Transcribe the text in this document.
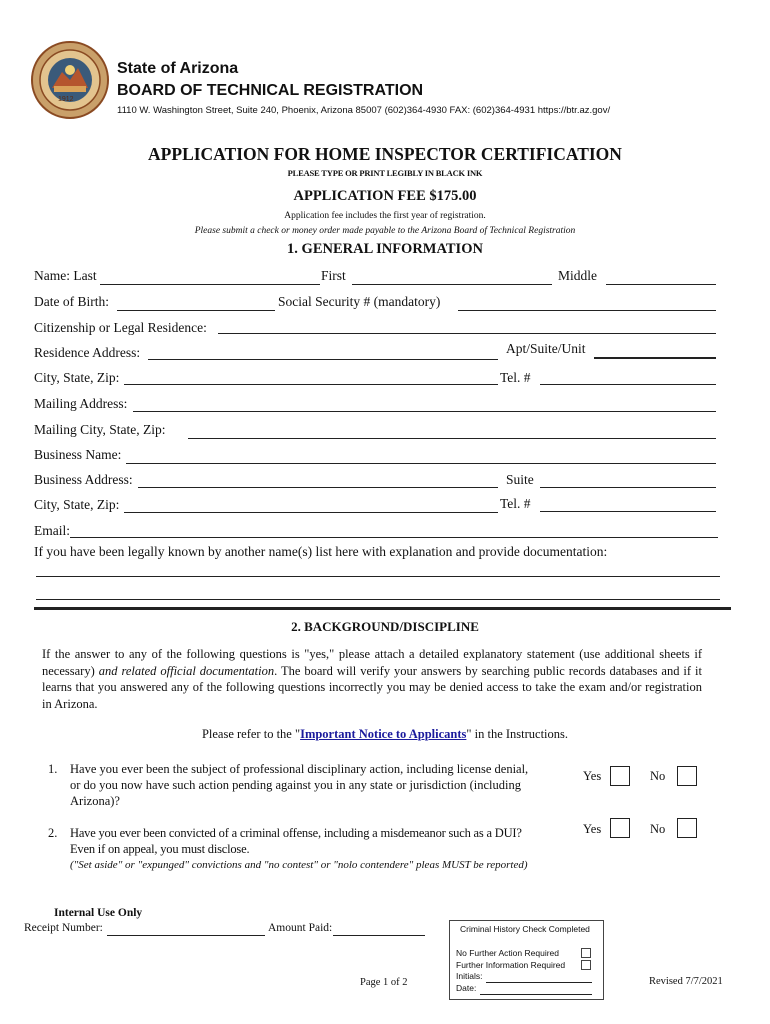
1912
State of Arizona
BOARD OF TECHNICAL REGISTRATION
1110 W. Washington Street, Suite 240, Phoenix, Arizona 85007 (602)364-4930 FAX: (602)364-4931 https://btr.az.gov/
APPLICATION FOR HOME INSPECTOR CERTIFICATION
PLEASE TYPE OR PRINT LEGIBLY IN BLACK INK
APPLICATION FEE $175.00
Application fee includes the first year of registration.
Please submit a check or money order made payable to the Arizona Board of Technical Registration
1. GENERAL INFORMATION
Name: Last	First	Middle
Date of Birth:	Social Security # (mandatory)
Citizenship or Legal Residence:
Residence Address:	Apt/Suite/Unit
City, State, Zip:	Tel. #
Mailing Address:
Mailing City, State, Zip:
Business Name:
Business Address:	Suite
City, State, Zip:	Tel. #
Email:
If you have been legally known by another name(s) list here with explanation and provide documentation:
2. BACKGROUND/DISCIPLINE
If the answer to any of the following questions is "yes," please attach a detailed explanatory statement (use additional sheets if necessary) and related official documentation. The board will verify your answers by searching public records databases and if it learns that you answered any of the following questions incorrectly you may be denied access to take the exam and/or registration in Arizona.
Please refer to the "Important Notice to Applicants" in the Instructions.
1. Have you ever been the subject of professional disciplinary action, including license denial, or do you now have such action pending against you in any state or jurisdiction (including Arizona)?
Yes	No
2. Have you ever been convicted of a criminal offense, including a misdemeanor such as a DUI? Even if on appeal, you must disclose.
("Set aside" or "expunged" convictions and "no contest" or "nolo contendere" pleas MUST be reported)
Yes	No
Internal Use Only
Receipt Number:	Amount Paid:	Criminal History Check Completed
No Further Action Required
Further Information Required
Initials:
Date:
Page 1 of 2	Revised 7/7/2021
